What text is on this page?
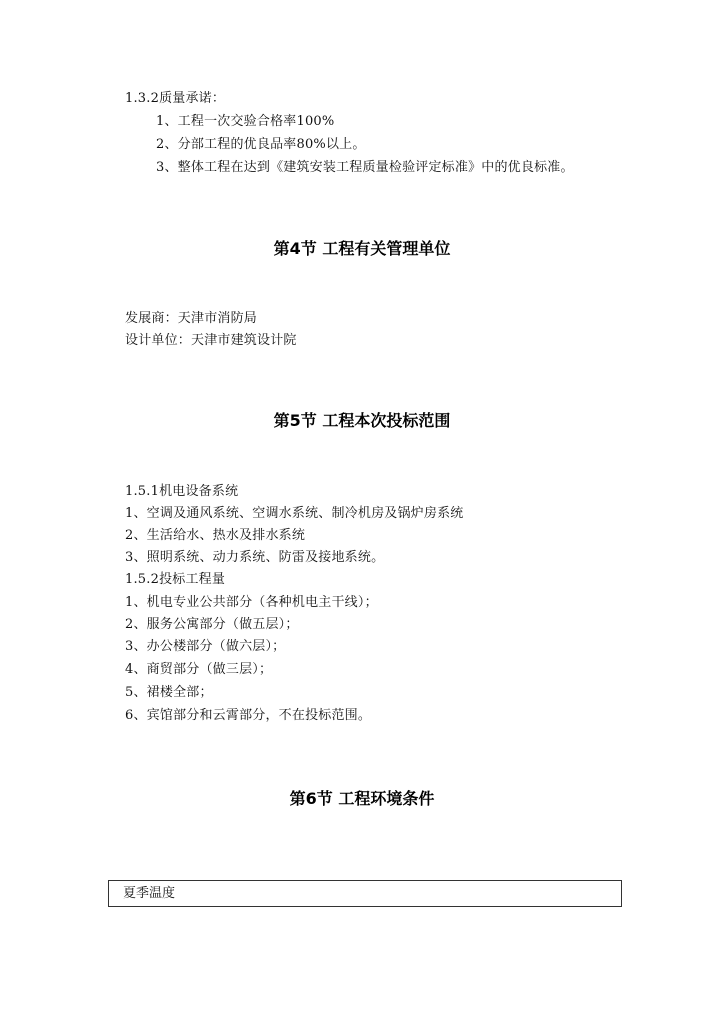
1.3.2质量承诺：
1、工程一次交验合格率100%
2、分部工程的优良品率80%以上。
3、整体工程在达到《建筑安装工程质量检验评定标准》中的优良标准。
第4节 工程有关管理单位
发展商：天津市消防局
设计单位：天津市建筑设计院
第5节 工程本次投标范围
1.5.1机电设备系统
1、空调及通风系统、空调水系统、制冷机房及锅炉房系统
2、生活给水、热水及排水系统
3、照明系统、动力系统、防雷及接地系统。
1.5.2投标工程量
1、机电专业公共部分（各种机电主干线）；
2、服务公寓部分（做五层）；
3、办公楼部分（做六层）；
4、商贸部分（做三层）；
5、裙楼全部；
6、宾馆部分和云霄部分，不在投标范围。
第6节 工程环境条件
夏季温度
